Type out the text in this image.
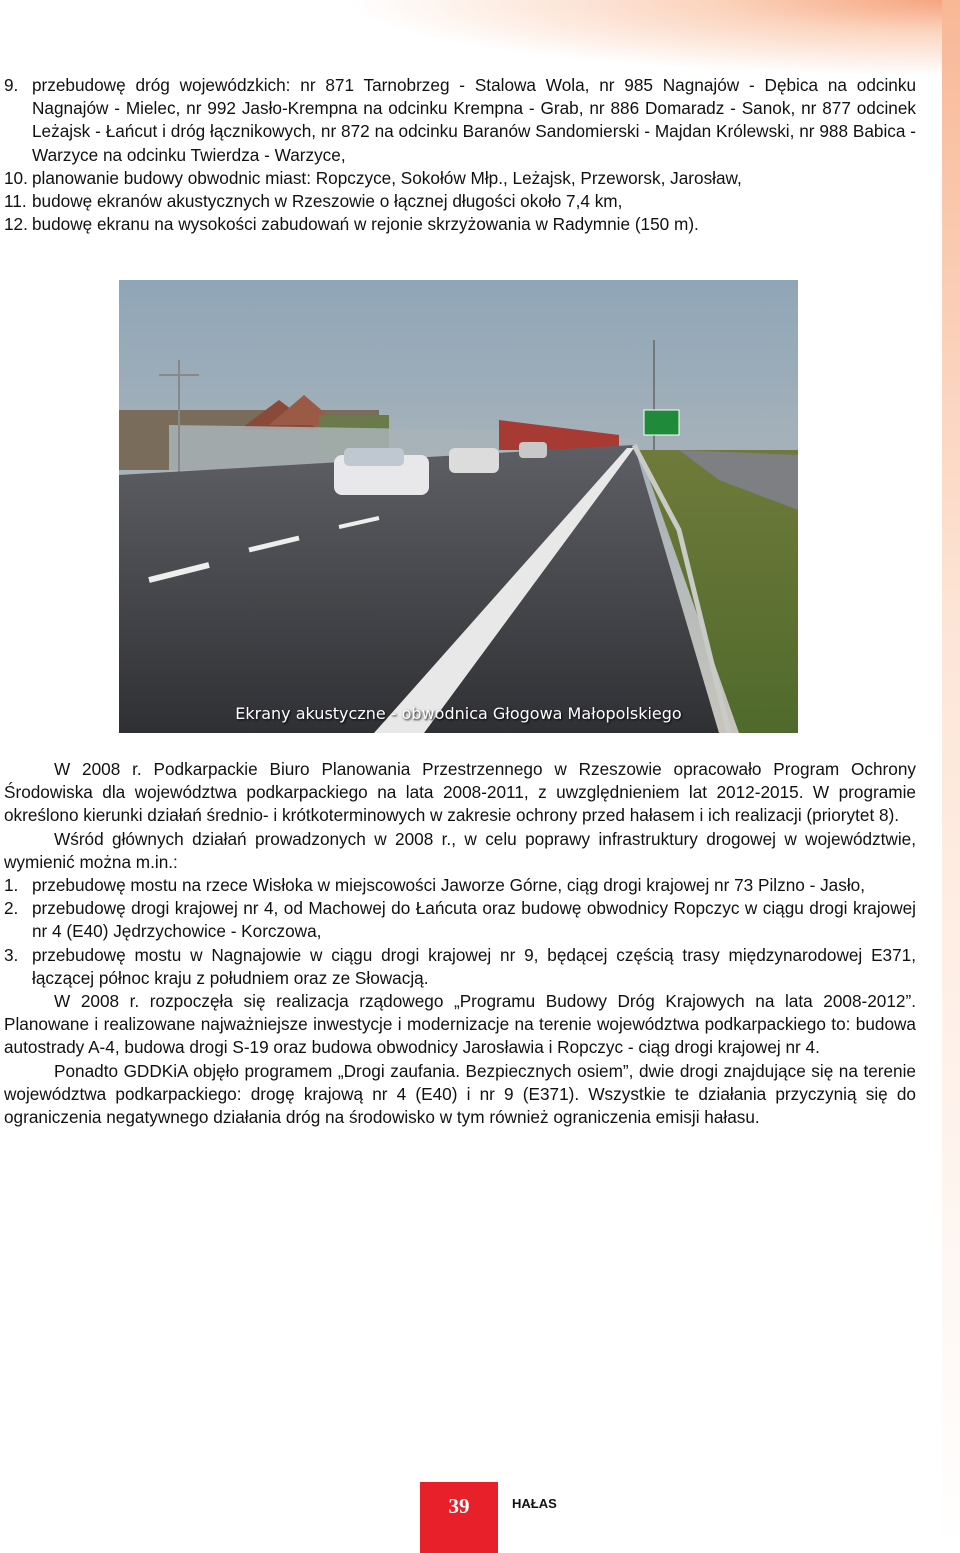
9. przebudowę dróg wojewódzkich: nr 871 Tarnobrzeg - Stalowa Wola, nr 985 Nagnajów - Dębica na odcinku Nagnajów - Mielec, nr 992 Jasło-Krempna na odcinku Krempna - Grab, nr 886 Domaradz - Sanok, nr 877 odcinek Leżajsk - Łańcut i dróg łącznikowych, nr 872 na odcinku Baranów Sandomierski - Majdan Królewski, nr 988 Babica -Warzyce na odcinku Twierdza - Warzyce,
10. planowanie budowy obwodnic miast: Ropczyce, Sokołów Młp., Leżajsk, Przeworsk, Jarosław,
11. budowę ekranów akustycznych w Rzeszowie o łącznej długości około 7,4 km,
12. budowę ekranu na wysokości zabudowań w rejonie skrzyżowania w Radymnie (150 m).
Ekrany akustyczne - obwodnica Głogowa Małopolskiego
W 2008 r. Podkarpackie Biuro Planowania Przestrzennego w Rzeszowie opracowało Program Ochrony Środowiska dla województwa podkarpackiego na lata 2008-2011, z uwzględnieniem lat 2012-2015. W programie określono kierunki działań średnio- i krótkoterminowych w zakresie ochrony przed hałasem i ich realizacji (priorytet 8).
Wśród głównych działań prowadzonych w 2008 r., w celu poprawy infrastruktury drogowej w województwie, wymienić można m.in.:
1. przebudowę mostu na rzece Wisłoka w miejscowości Jaworze Górne, ciąg drogi krajowej nr 73 Pilzno - Jasło,
2. przebudowę drogi krajowej nr 4, od Machowej do Łańcuta oraz budowę obwodnicy Ropczyc w ciągu drogi krajowej nr 4 (E40) Jędrzychowice - Korczowa,
3. przebudowę mostu w Nagnajowie w ciągu drogi krajowej nr 9, będącej częścią trasy międzynarodowej E371, łączącej północ kraju z południem oraz ze Słowacją.
W 2008 r. rozpoczęła się realizacja rządowego „Programu Budowy Dróg Krajowych na lata 2008-2012”. Planowane i realizowane najważniejsze inwestycje i modernizacje na terenie województwa podkarpackiego to: budowa autostrady A-4, budowa drogi S-19 oraz budowa obwodnicy Jarosławia i Ropczyc - ciąg drogi krajowej nr 4.
Ponadto GDDKiA objęło programem „Drogi zaufania. Bezpiecznych osiem”, dwie drogi znajdujące się na terenie województwa podkarpackiego: drogę krajową nr 4 (E40) i nr 9 (E371). Wszystkie te działania przyczynią się do ograniczenia negatywnego działania dróg na środowisko w tym również ograniczenia emisji hałasu.
39	HAŁAS
